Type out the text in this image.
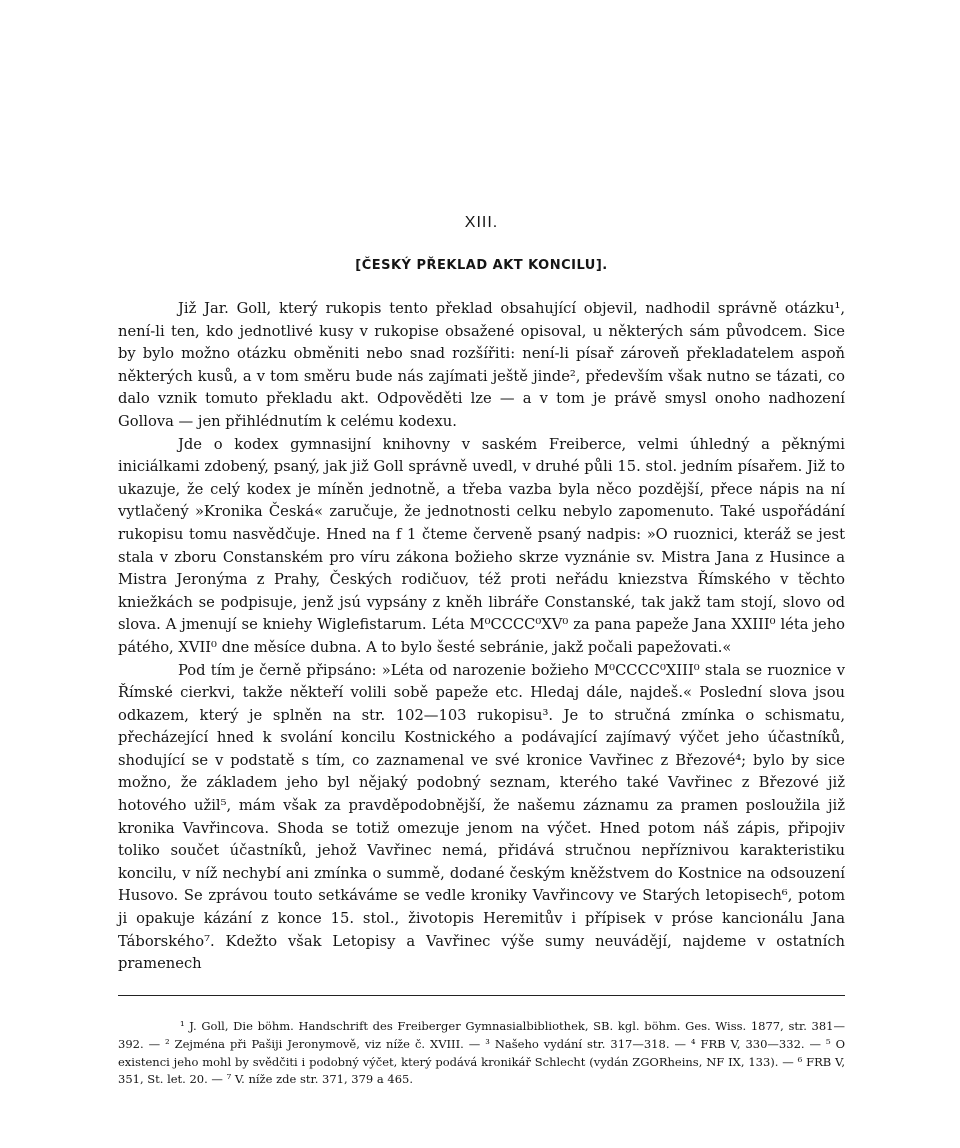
XIII.
[ČESKÝ PŘEKLAD AKT KONCILU].

Již Jar. Goll, který rukopis tento překlad obsahující objevil, nadhodil správně otázku¹, není-li ten, kdo jednotlivé kusy v rukopise obsažené opisoval, u některých sám původcem. Sice by bylo možno otázku obměniti nebo snad rozšířiti: není-li písař zároveň překladatelem aspoň některých kusů, a v tom směru bude nás zajímati ještě jinde², především však nutno se tázati, co dalo vznik tomuto překladu akt. Odpověděti lze — a v tom je právě smysl onoho nadhození Gollova — jen přihlédnutím k celému kodexu.

Jde o kodex gymnasijní knihovny v saském Freiberce, velmi úhledný a pěknými iniciálkami zdobený, psaný, jak již Goll správně uvedl, v druhé půli 15. stol. jedním písařem. Již to ukazuje, že celý kodex je míněn jednotně, a třeba vazba byla něco pozdější, přece nápis na ní vytlačený »Kronika Česká« zaručuje, že jednotnosti celku nebylo zapomenuto. Také uspořádání rukopisu tomu nasvědčuje. Hned na f 1 čteme červeně psaný nadpis: »O ruoznici, kteráž se jest stala v zboru Constanském pro víru zákona božieho skrze vyznánie sv. Mistra Jana z Husince a Mistra Jeronýma z Prahy, Českých rodičuov, též proti neřádu kniezstva Římského v těchto kniežkách se podpisuje, jenž jsú vypsány z kněh libráře Constanské, tak jakž tam stojí, slovo od slova. A jmenují se kniehy Wiglefistarum. Léta M⁰CCCC⁰XV⁰ za pana papeže Jana XXIII⁰ léta jeho pátého, XVII⁰ dne měsíce dubna. A to bylo šesté sebránie, jakž počali papežovati.«

Pod tím je černě připsáno: »Léta od narozenie božieho M⁰CCCC⁰XIII⁰ stala se ruoznice v Římské cierkvi, takže někteří volili sobě papeže etc. Hledaj dále, najdeš.« Poslední slova jsou odkazem, který je splněn na str. 102—103 rukopisu³. Je to stručná zmínka o schismatu, přecházející hned k svolání koncilu Kostnického a podávající zajímavý výčet jeho účastníků, shodující se v podstatě s tím, co zaznamenal ve své kronice Vavřinec z Březové⁴; bylo by sice možno, že základem jeho byl nějaký podobný seznam, kterého také Vavřinec z Březové již hotového užil⁵, mám však za pravděpodobnější, že našemu záznamu za pramen posloužila již kronika Vavřincova. Shoda se totiž omezuje jenom na výčet. Hned potom náš zápis, připojiv toliko součet účastníků, jehož Vavřinec nemá, přidává stručnou nepříznivou karakteristiku koncilu, v níž nechybí ani zmínka o summě, dodané českým kněžstvem do Kostnice na odsouzení Husovo. Se zprávou touto setkáváme se vedle kroniky Vavřincovy ve Starých letopisech⁶, potom ji opakuje kázání z konce 15. stol., životopis Heremitův i přípisek v próse kancionálu Jana Táborského⁷. Kdežto však Letopisy a Vavřinec výše sumy neuvádějí, najdeme v ostatních pramenech

¹ J. Goll, Die böhm. Handschrift des Freiberger Gymnasialbibliothek, SB. kgl. böhm. Ges. Wiss. 1877, str. 381—392. — ² Zejména při Pašiji Jeronymově, viz níže č. XVIII. — ³ Našeho vydání str. 317—318. — ⁴ FRB V, 330—332. — ⁵ O existenci jeho mohl by svědčiti i podobný výčet, který podává kronikář Schlecht (vydán ZGORheins, NF IX, 133). — ⁶ FRB V, 351, St. let. 20. — ⁷ V. níže zde str. 371, 379 a 465.
